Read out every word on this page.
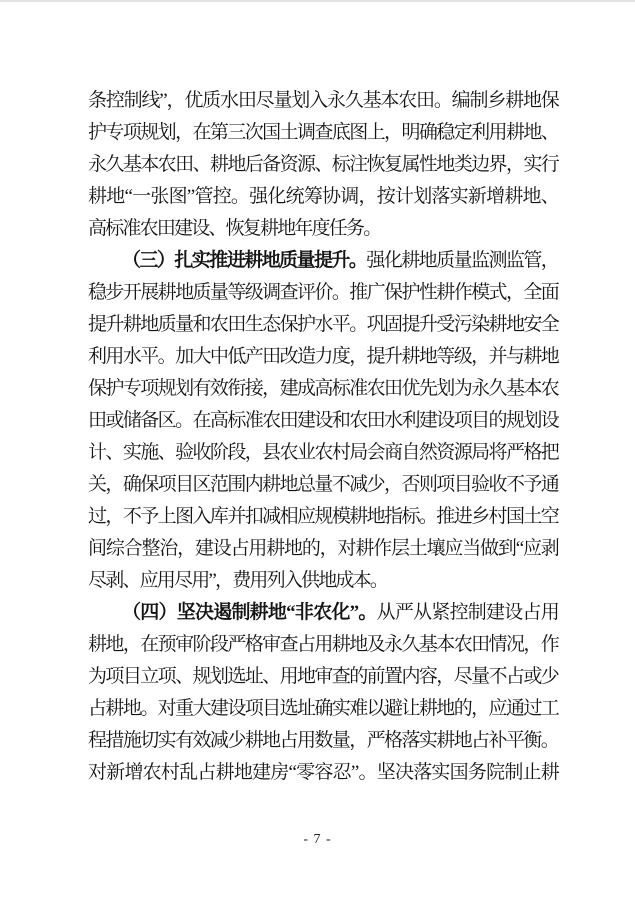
条控制线”，优质水田尽量划入永久基本农田。编制乡耕地保
护专项规划，在第三次国土调查底图上，明确稳定利用耕地、
永久基本农田、耕地后备资源、标注恢复属性地类边界，实行
耕地“一张图”管控。强化统筹协调，按计划落实新增耕地、
高标准农田建设、恢复耕地年度任务。
（三）扎实推进耕地质量提升。强化耕地质量监测监管，
稳步开展耕地质量等级调查评价。推广保护性耕作模式，全面
提升耕地质量和农田生态保护水平。巩固提升受污染耕地安全
利用水平。加大中低产田改造力度，提升耕地等级，并与耕地
保护专项规划有效衔接，建成高标准农田优先划为永久基本农
田或储备区。在高标准农田建设和农田水利建设项目的规划设
计、实施、验收阶段，县农业农村局会商自然资源局将严格把
关，确保项目区范围内耕地总量不减少，否则项目验收不予通
过，不予上图入库并扣减相应规模耕地指标。推进乡村国土空
间综合整治，建设占用耕地的，对耕作层土壤应当做到“应剥
尽剥、应用尽用”，费用列入供地成本。
（四）坚决遏制耕地“非农化”。从严从紧控制建设占用
耕地，在预审阶段严格审查占用耕地及永久基本农田情况，作
为项目立项、规划选址、用地审查的前置内容，尽量不占或少
占耕地。对重大建设项目选址确实难以避让耕地的，应通过工
程措施切实有效减少耕地占用数量，严格落实耕地占补平衡。
对新增农村乱占耕地建房“零容忍”。坚决落实国务院制止耕
- 7 -
